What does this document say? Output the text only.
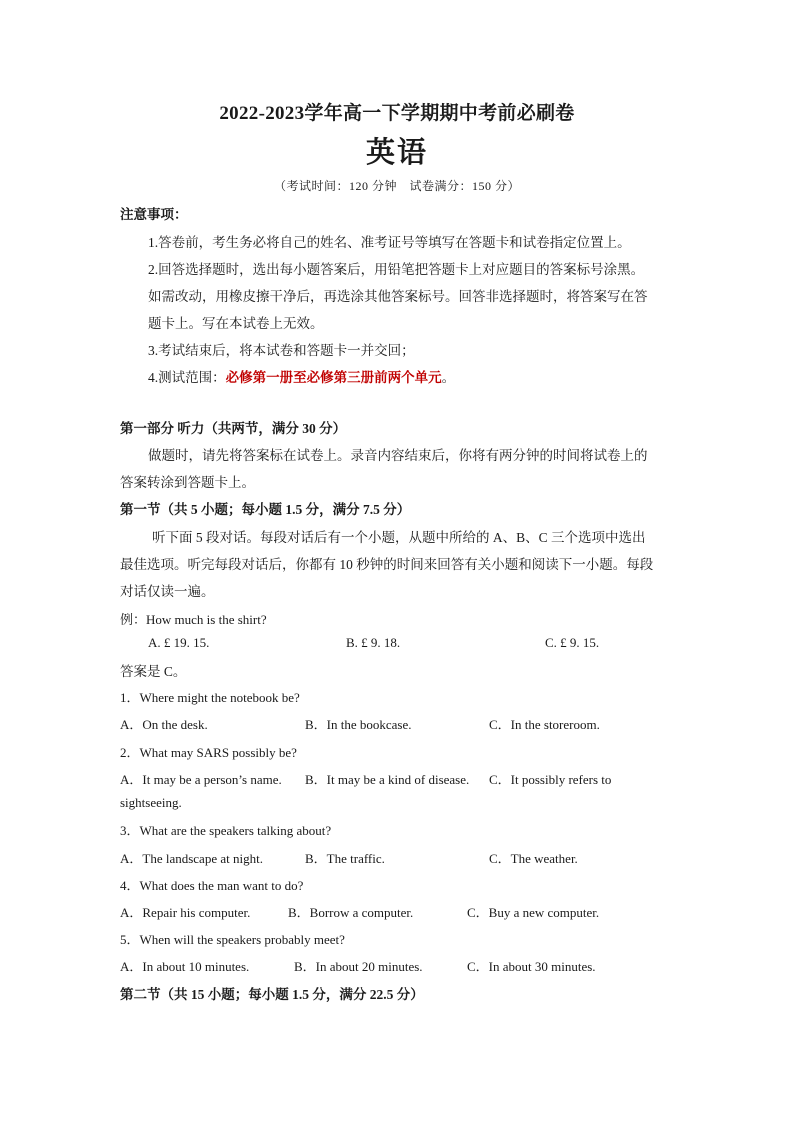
2022-2023学年高一下学期期中考前必刷卷
英语
（考试时间：120 分钟　试卷满分：150 分）
注意事项：
1.答卷前，考生务必将自己的姓名、准考证号等填写在答题卡和试卷指定位置上。
2.回答选择题时，选出每小题答案后，用铅笔把答题卡上对应题目的答案标号涂黑。
如需改动，用橡皮擦干净后，再选涂其他答案标号。回答非选择题时，将答案写在答
题卡上。写在本试卷上无效。
3.考试结束后，将本试卷和答题卡一并交回；
4.测试范围：必修第一册至必修第三册前两个单元。
第一部分 听力（共两节，满分 30 分）
做题时，请先将答案标在试卷上。录音内容结束后，你将有两分钟的时间将试卷上的
答案转涂到答题卡上。
第一节（共 5 小题；每小题 1.5 分，满分 7.5 分）
听下面 5 段对话。每段对话后有一个小题，从题中所给的 A、B、C 三个选项中选出
最佳选项。听完每段对话后，你都有 10 秒钟的时间来回答有关小题和阅读下一小题。每段
对话仅读一遍。
例：How much is the shirt?
A. £ 19. 15.	B. £ 9. 18.	C. £ 9. 15.
答案是 C。
1．Where might the notebook be?
A．On the desk.	B．In the bookcase.	C．In the storeroom.
2．What may SARS possibly be?
A．It may be a person’s name. B．It may be a kind of disease. C．It possibly refers to
sightseeing.
3．What are the speakers talking about?
A．The landscape at night.	B．The traffic.	C．The weather.
4．What does the man want to do?
A．Repair his computer.	B．Borrow a computer.	C．Buy a new computer.
5．When will the speakers probably meet?
A．In about 10 minutes.	B．In about 20 minutes.	C．In about 30 minutes.
第二节（共 15 小题；每小题 1.5 分，满分 22.5 分）
